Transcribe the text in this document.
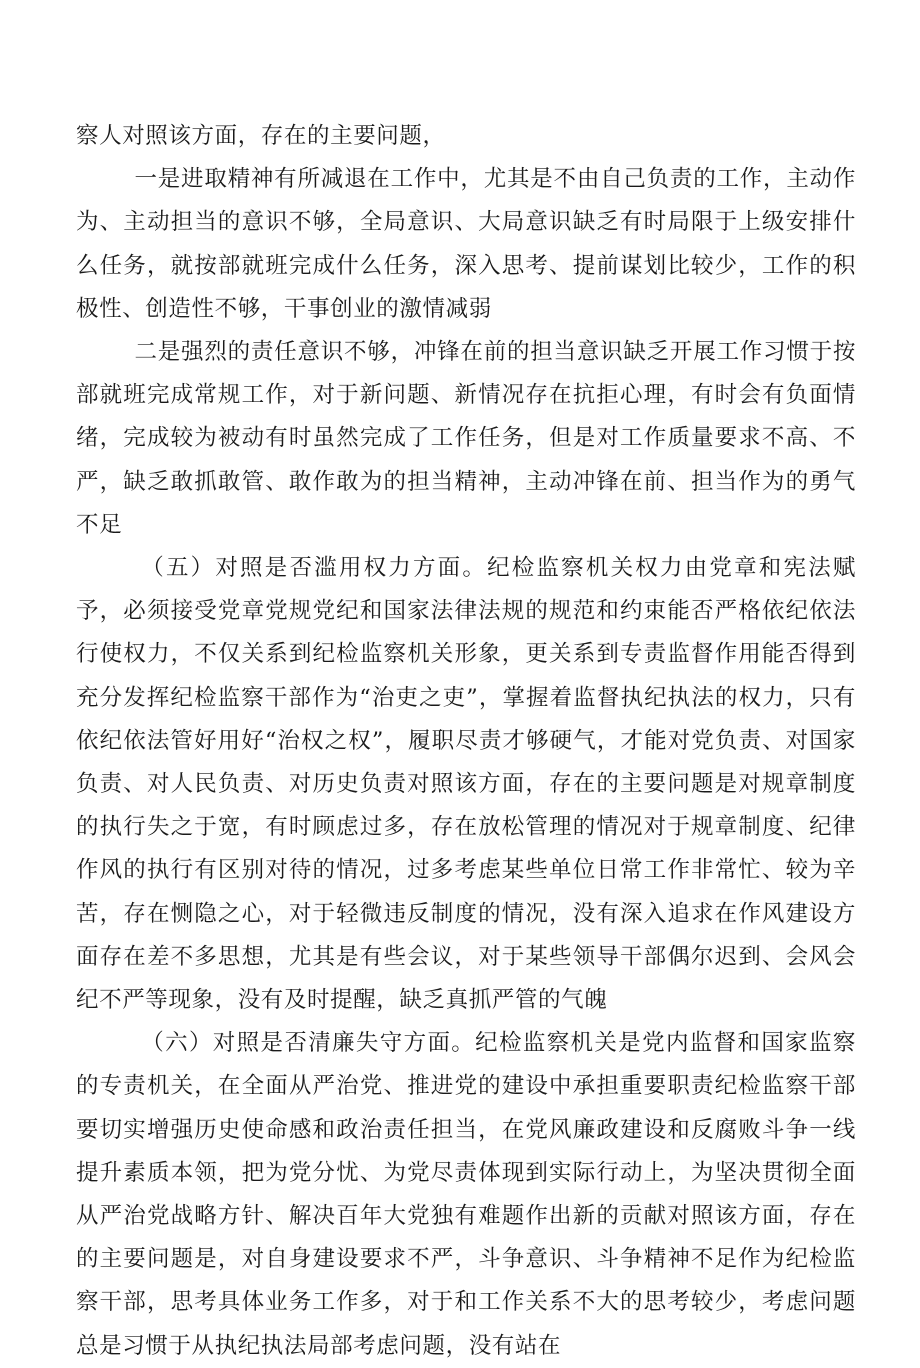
察人对照该方面，存在的主要问题，

一是进取精神有所减退在工作中，尤其是不由自己负责的工作，主动作为、主动担当的意识不够，全局意识、大局意识缺乏有时局限于上级安排什么任务，就按部就班完成什么任务，深入思考、提前谋划比较少，工作的积极性、创造性不够，干事创业的激情减弱

二是强烈的责任意识不够，冲锋在前的担当意识缺乏开展工作习惯于按部就班完成常规工作，对于新问题、新情况存在抗拒心理，有时会有负面情绪，完成较为被动有时虽然完成了工作任务，但是对工作质量要求不高、不严，缺乏敢抓敢管、敢作敢为的担当精神，主动冲锋在前、担当作为的勇气不足

（五）对照是否滥用权力方面。纪检监察机关权力由党章和宪法赋予，必须接受党章党规党纪和国家法律法规的规范和约束能否严格依纪依法行使权力，不仅关系到纪检监察机关形象，更关系到专责监督作用能否得到充分发挥纪检监察干部作为“治吏之吏”，掌握着监督执纪执法的权力，只有依纪依法管好用好“治权之权”，履职尽责才够硬气，才能对党负责、对国家负责、对人民负责、对历史负责对照该方面，存在的主要问题是对规章制度的执行失之于宽，有时顾虑过多，存在放松管理的情况对于规章制度、纪律作风的执行有区别对待的情况，过多考虑某些单位日常工作非常忙、较为辛苦，存在恻隐之心，对于轻微违反制度的情况，没有深入追求在作风建设方面存在差不多思想，尤其是有些会议，对于某些领导干部偶尔迟到、会风会纪不严等现象，没有及时提醒，缺乏真抓严管的气魄

（六）对照是否清廉失守方面。纪检监察机关是党内监督和国家监察的专责机关，在全面从严治党、推进党的建设中承担重要职责纪检监察干部要切实增强历史使命感和政治责任担当，在党风廉政建设和反腐败斗争一线提升素质本领，把为党分忧、为党尽责体现到实际行动上，为坚决贯彻全面从严治党战略方针、解决百年大党独有难题作出新的贡献对照该方面，存在的主要问题是，对自身建设要求不严，斗争意识、斗争精神不足作为纪检监察干部，思考具体业务工作多，对于和工作关系不大的思考较少，考虑问题总是习惯于从执纪执法局部考虑问题，没有站在
